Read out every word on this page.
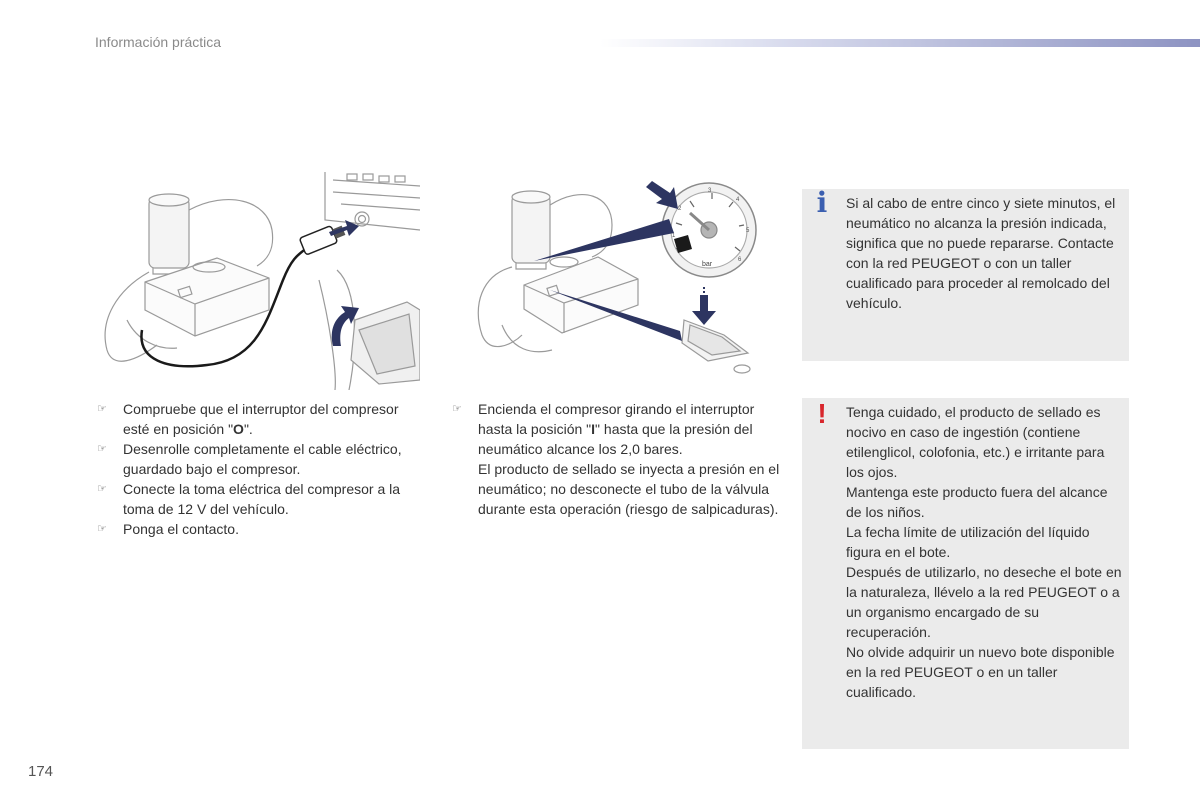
Información práctica
1
2
3
4
5
6
bar
☞	Compruebe que el interruptor del compresor esté en posición "O".
☞	Desenrolle completamente el cable eléctrico, guardado bajo el compresor.
☞	Conecte la toma eléctrica del compresor a la toma de 12 V del vehículo.
☞	Ponga el contacto.
☞	Encienda el compresor girando el interruptor hasta la posición "I" hasta que la presión del neumático alcance los 2,0 bares.
El producto de sellado se inyecta a presión en el neumático; no desconecte el tubo de la válvula durante esta operación (riesgo de salpicaduras).
i Si al cabo de entre cinco y siete minutos, el neumático no alcanza la presión indicada, significa que no puede repararse. Contacte con la red PEUGEOT o con un taller cualificado para proceder al remolcado del vehículo.
! Tenga cuidado, el producto de sellado es nocivo en caso de ingestión (contiene etilenglicol, colofonia, etc.) e irritante para los ojos.

Mantenga este producto fuera del alcance de los niños.

La fecha límite de utilización del líquido figura en el bote.

Después de utilizarlo, no deseche el bote en la naturaleza, llévelo a la red PEUGEOT o a un organismo encargado de su recuperación.

No olvide adquirir un nuevo bote disponible en la red PEUGEOT o en un taller cualificado.

174
